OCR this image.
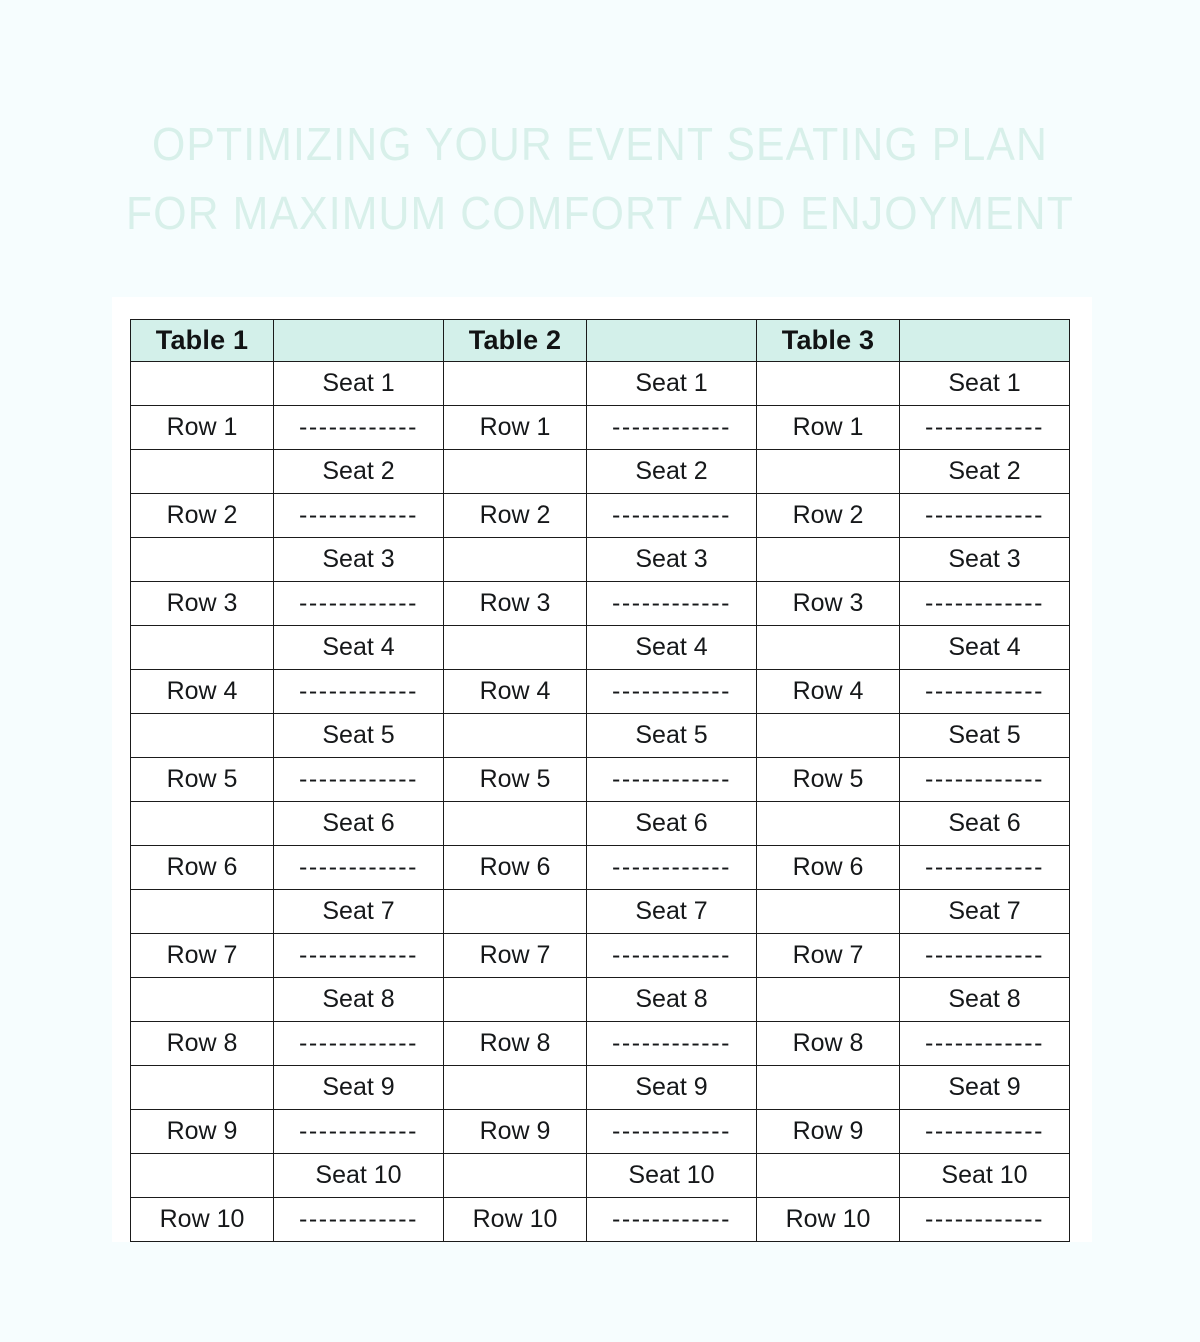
OPTIMIZING YOUR EVENT SEATING PLAN
FOR MAXIMUM COMFORT AND ENJOYMENT
Table 1		Table 2		Table 3	
	Seat 1		Seat 1		Seat 1
Row 1	------------	Row 1	------------	Row 1	------------
	Seat 2		Seat 2		Seat 2
Row 2	------------	Row 2	------------	Row 2	------------
	Seat 3		Seat 3		Seat 3
Row 3	------------	Row 3	------------	Row 3	------------
	Seat 4		Seat 4		Seat 4
Row 4	------------	Row 4	------------	Row 4	------------
	Seat 5		Seat 5		Seat 5
Row 5	------------	Row 5	------------	Row 5	------------
	Seat 6		Seat 6		Seat 6
Row 6	------------	Row 6	------------	Row 6	------------
	Seat 7		Seat 7		Seat 7
Row 7	------------	Row 7	------------	Row 7	------------
	Seat 8		Seat 8		Seat 8
Row 8	------------	Row 8	------------	Row 8	------------
	Seat 9		Seat 9		Seat 9
Row 9	------------	Row 9	------------	Row 9	------------
	Seat 10		Seat 10		Seat 10
Row 10	------------	Row 10	------------	Row 10	------------
